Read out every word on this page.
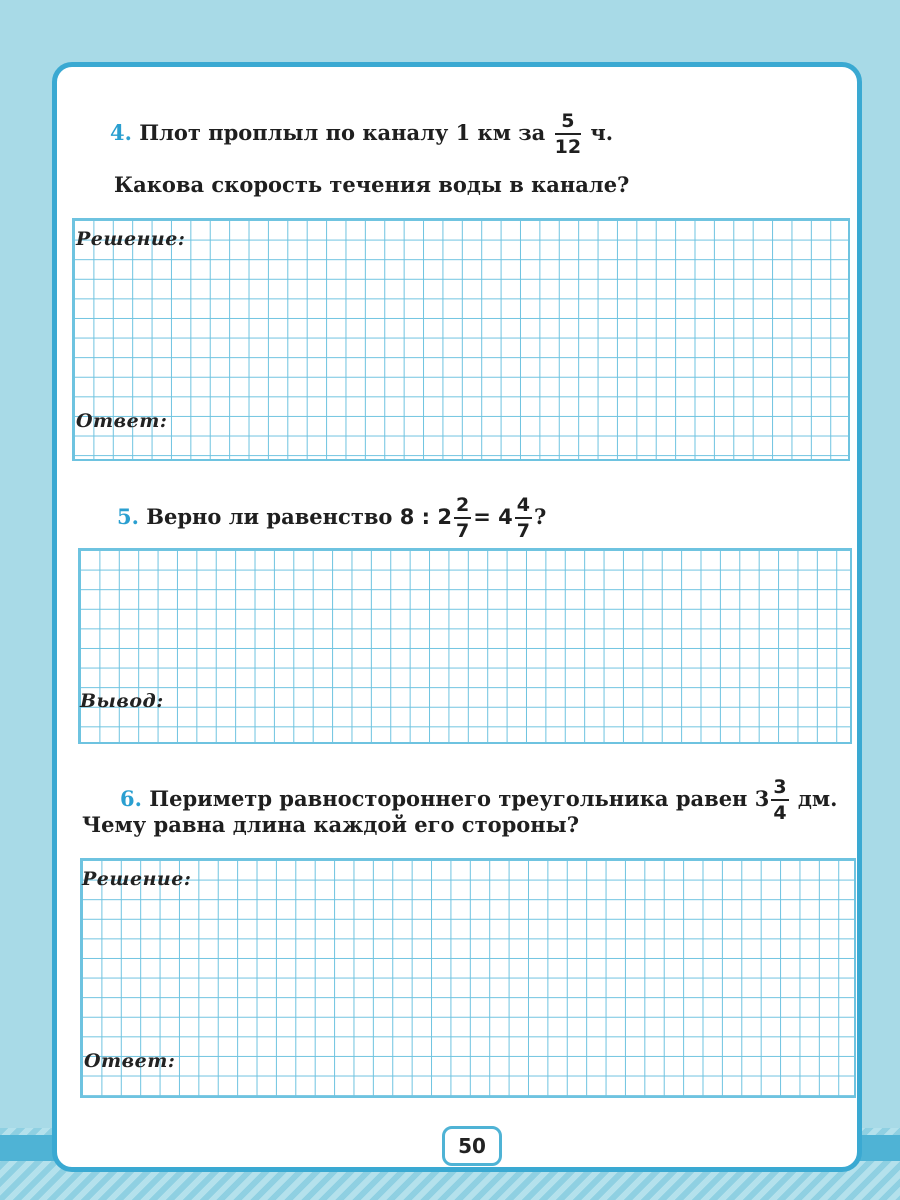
4. Плот проплыл по каналу 1 км за $\frac{5}{12} ч$.
Какова скорость течения воды в канале?
Решение:
Ответ:
5. Верно ли равенство 8 : $2 \frac{2}{7} = 4 \frac{4}{7}$ ?
Вывод:
6. Периметр равностороннего треугольника равен $3 \frac{3}{4}$ дм.
Чему равна длина каждой его стороны?
Решение:
Ответ:
50
